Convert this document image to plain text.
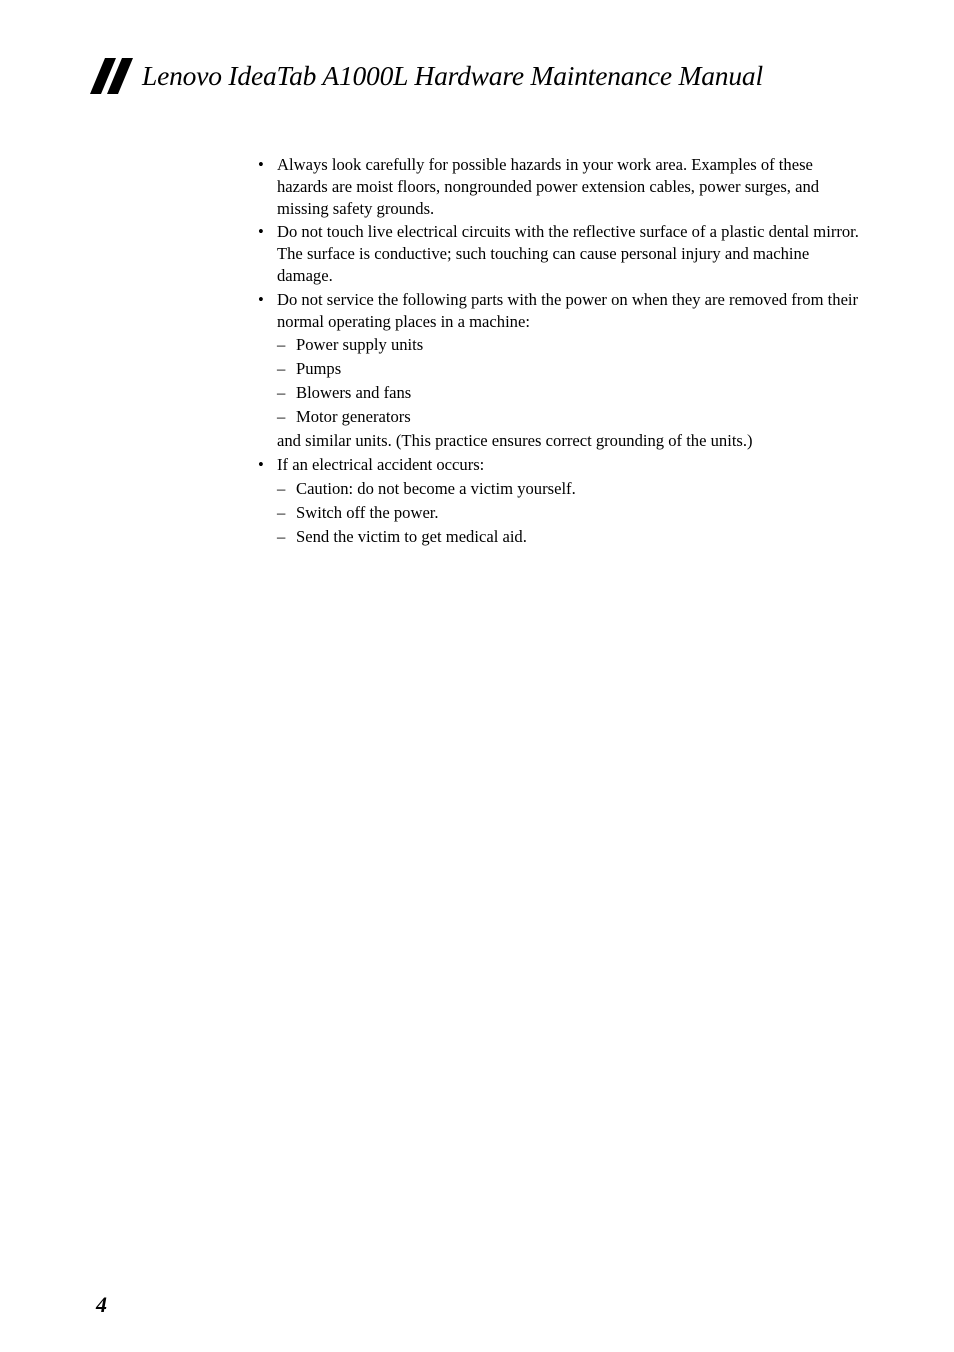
Lenovo IdeaTab A1000L Hardware Maintenance Manual
• Always look carefully for possible hazards in your work area. Examples of these hazards are moist floors, nongrounded power extension cables, power surges, and missing safety grounds.
• Do not touch live electrical circuits with the reflective surface of a plastic dental mirror. The surface is conductive; such touching can cause personal injury and machine damage.
• Do not service the following parts with the power on when they are removed from their normal operating places in a machine:
– Power supply units
– Pumps
– Blowers and fans
– Motor generators
and similar units. (This practice ensures correct grounding of the units.)
• If an electrical accident occurs:
– Caution: do not become a victim yourself.
– Switch off the power.
– Send the victim to get medical aid.
4
